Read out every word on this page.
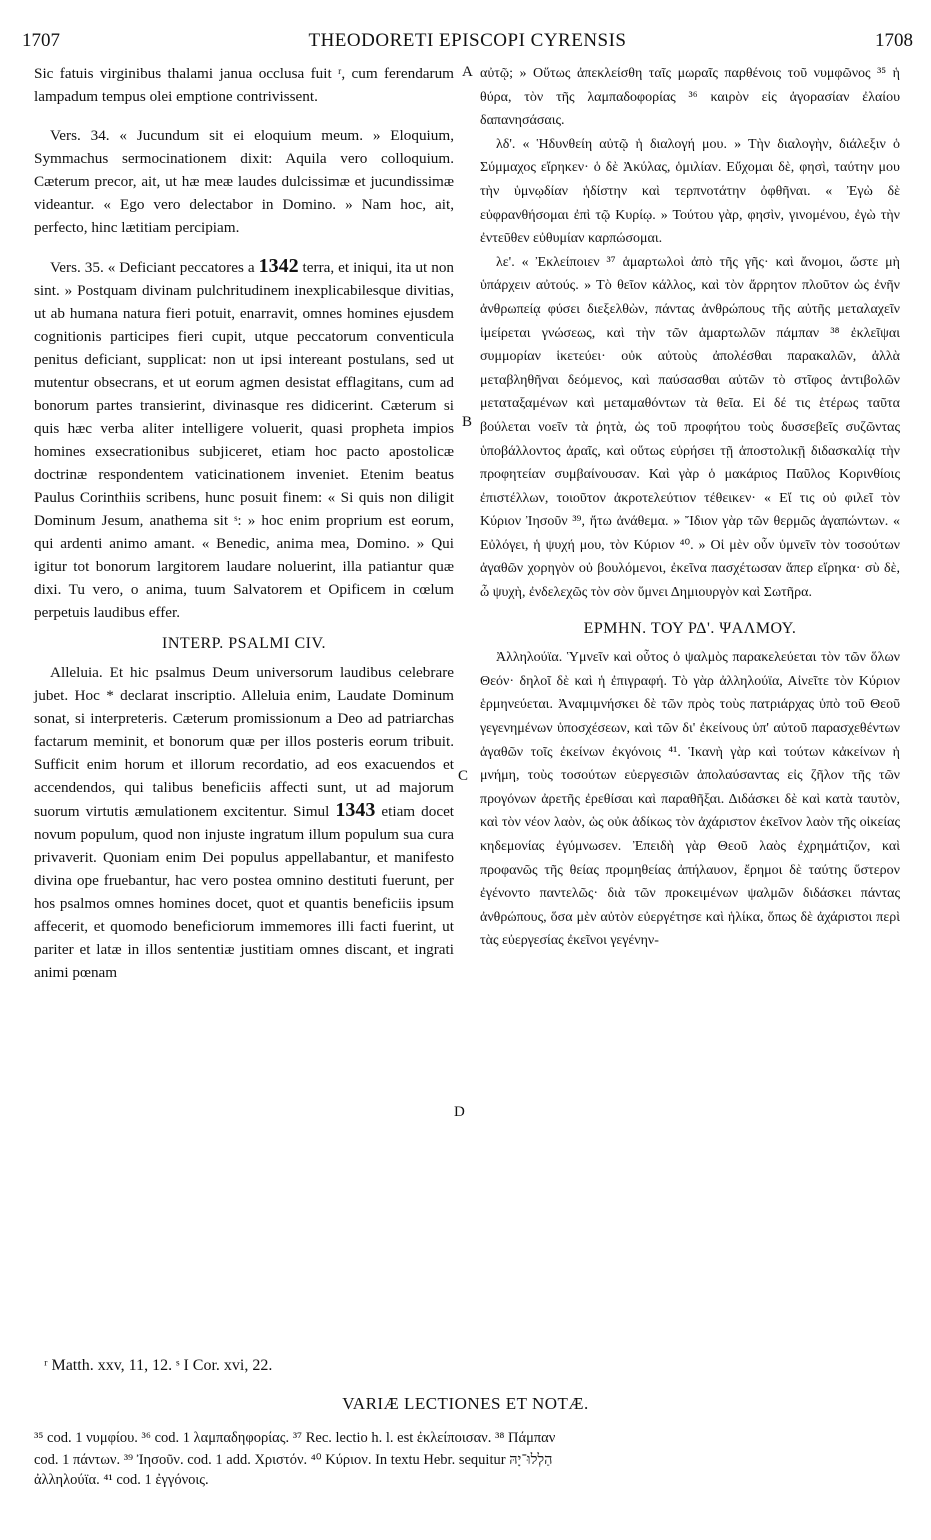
1707	THEODORETI EPISCOPI CYRENSIS	1708
A
B
C
D

Sic fatuis virginibus thalami janua occlusa fuit ʳ, cum ferendarum lampadum tempus olei emptione contrivissent.

Vers. 34. « Jucundum sit ei eloquium meum. » Eloquium, Symmachus sermocinationem dixit: Aquila vero colloquium. Cæterum precor, ait, ut hæ meæ laudes dulcissimæ et jucundissimæ videantur. « Ego vero delectabor in Domino. » Nam hoc, ait, perfecto, hinc lætitiam percipiam.

Vers. 35. « Deficiant peccatores a 1342 terra, et iniqui, ita ut non sint. » Postquam divinam pulchritudinem inexplicabilesque divitias, ut ab humana natura fieri potuit, enarravit, omnes homines ejusdem cognitionis participes fieri cupit, utque peccatorum conventicula penitus deficiant, supplicat: non ut ipsi intereant postulans, sed ut mutentur obsecrans, et ut eorum agmen desistat efflagitans, cum ad bonorum partes transierint, divinasque res didicerint. Cæterum si quis hæc verba aliter intelligere voluerit, quasi propheta impios homines exsecrationibus subjiceret, etiam hoc pacto apostolicæ doctrinæ respondentem vaticinationem inveniet. Etenim beatus Paulus Corinthiis scribens, hunc posuit finem: « Si quis non diligit Dominum Jesum, anathema sit ˢ: » hoc enim proprium est eorum, qui ardenti animo amant. « Benedic, anima mea, Domino. » Qui igitur tot bonorum largitorem laudare noluerint, illa patiantur quæ dixi. Tu vero, o anima, tuum Salvatorem et Opificem in cœlum perpetuis laudibus effer.

INTERP. PSALMI CIV.

Alleluia. Et hic psalmus Deum universorum laudibus celebrare jubet. Hoc * declarat inscriptio. Alleluia enim, Laudate Dominum sonat, si interpreteris. Cæterum promissionum a Deo ad patriarchas factarum meminit, et bonorum quæ per illos posteris eorum tribuit. Sufficit enim horum et illorum recordatio, ad eos exacuendos et accendendos, qui talibus beneficiis affecti sunt, ut ad majorum suorum virtutis æmulationem excitentur. Simul 1343 etiam docet novum populum, quod non injuste ingratum illum populum sua cura privaverit. Quoniam enim Dei populus appellabantur, et manifesto divina ope fruebantur, hac vero postea omnino destituti fuerunt, per hos psalmos omnes homines docet, quot et quantis beneficiis ipsum affecerit, et quomodo beneficiorum immemores illi facti fuerint, ut pariter et latæ in illos sententiæ justitiam omnes discant, et ingrati animi pœnam

αὐτῷ; » Οὕτως ἀπεκλείσθη ταῖς μωραῖς παρθένοις τοῦ νυμφῶνος ³⁵ ἡ θύρα, τὸν τῆς λαμπαδοφορίας ³⁶ καιρὸν εἰς ἀγορασίαν ἐλαίου δαπανησάσαις.

λδ'. « Ἡδυνθείη αὐτῷ ἡ διαλογή μου. » Τὴν διαλογὴν, διάλεξιν ὁ Σύμμαχος εἴρηκεν· ὁ δὲ Ἀκύλας, ὁμιλίαν. Εὔχομαι δὲ, φησὶ, ταύτην μου τὴν ὑμνῳδίαν ἡδίστην καὶ τερπνοτάτην ὀφθῆναι. « Ἐγὼ δὲ εὐφρανθήσομαι ἐπὶ τῷ Κυρίῳ. » Τούτου γὰρ, φησὶν, γινομένου, ἐγὼ τὴν ἐντεῦθεν εὐθυμίαν καρπώσομαι.

λε'. « Ἐκλείποιεν ³⁷ ἁμαρτωλοὶ ἀπὸ τῆς γῆς· καὶ ἄνομοι, ὥστε μὴ ὑπάρχειν αὐτούς. » Τὸ θεῖον κάλλος, καὶ τὸν ἄρρητον πλοῦτον ὡς ἐνῆν ἀνθρωπείᾳ φύσει διεξελθὼν, πάντας ἀνθρώπους τῆς αὐτῆς μεταλαχεῖν ἱμείρεται γνώσεως, καὶ τὴν τῶν ἁμαρτωλῶν πάμπαν ³⁸ ἐκλεῖψαι συμμορίαν ἱκετεύει· οὐκ αὐτοὺς ἀπολέσθαι παρακαλῶν, ἀλλὰ μεταβληθῆναι δεόμενος, καὶ παύσασθαι αὐτῶν τὸ στῖφος ἀντιβολῶν μεταταξαμένων καὶ μεταμαθόντων τὰ θεῖα. Εἰ δέ τις ἑτέρως ταῦτα βούλεται νοεῖν τὰ ῥητὰ, ὡς τοῦ προφήτου τοὺς δυσσεβεῖς συζῶντας ὑποβάλλοντος ἀραῖς, καὶ οὕτως εὑρήσει τῇ ἀποστολικῇ διδασκαλίᾳ τὴν προφητείαν συμβαίνουσαν. Καὶ γὰρ ὁ μακάριος Παῦλος Κορινθίοις ἐπιστέλλων, τοιοῦτον ἀκροτελεύτιον τέθεικεν· « Εἴ τις οὐ φιλεῖ τὸν Κύριον Ἰησοῦν ³⁹, ἤτω ἀνάθεμα. » Ἴδιον γὰρ τῶν θερμῶς ἀγαπώντων. « Εὐλόγει, ἡ ψυχή μου, τὸν Κύριον ⁴⁰. » Οἱ μὲν οὖν ὑμνεῖν τὸν τοσούτων ἀγαθῶν χορηγὸν οὐ βουλόμενοι, ἐκεῖνα πασχέτωσαν ἅπερ εἴρηκα· σὺ δὲ, ὦ ψυχὴ, ἐνδελεχῶς τὸν σὸν ὕμνει Δημιουργὸν καὶ Σωτῆρα.

ΕΡΜΗΝ. ΤΟΥ ΡΔ'. ΨΑΛΜΟΥ.

Ἀλληλούϊα. Ὑμνεῖν καὶ οὗτος ὁ ψαλμὸς παρακελεύεται τὸν τῶν ὅλων Θεόν· δηλοῖ δὲ καὶ ἡ ἐπιγραφή. Τὸ γὰρ ἀλληλούϊα, Αἰνεῖτε τὸν Κύριον ἑρμηνεύεται. Ἀναμιμνήσκει δὲ τῶν πρὸς τοὺς πατριάρχας ὑπὸ τοῦ Θεοῦ γεγενημένων ὑποσχέσεων, καὶ τῶν δι' ἐκείνους ὑπ' αὐτοῦ παρασχεθέντων ἀγαθῶν τοῖς ἐκείνων ἐκγόνοις ⁴¹. Ἱκανὴ γὰρ καὶ τούτων κἀκείνων ἡ μνήμη, τοὺς τοσούτων εὐεργεσιῶν ἀπολαύσαντας εἰς ζῆλον τῆς τῶν προγόνων ἀρετῆς ἐρεθίσαι καὶ παραθῆξαι. Διδάσκει δὲ καὶ κατὰ ταυτὸν, καὶ τὸν νέον λαὸν, ὡς οὐκ ἀδίκως τὸν ἀχάριστον ἐκεῖνον λαὸν τῆς οἰκείας κηδεμονίας ἐγύμνωσεν. Ἐπειδὴ γὰρ Θεοῦ λαὸς ἐχρημάτιζον, καὶ προφανῶς τῆς θείας προμηθείας ἀπήλαυον, ἔρημοι δὲ ταύτης ὕστερον ἐγένοντο παντελῶς· διὰ τῶν προκειμένων ψαλμῶν διδάσκει πάντας ἀνθρώπους, ὅσα μὲν αὐτὸν εὐεργέτησε καὶ ἡλίκα, ὅπως δὲ ἀχάριστοι περὶ τὰς εὐεργεσίας ἐκεῖνοι γεγένην-

ʳ Matth. xxv, 11, 12. ˢ I Cor. xvi, 22.
VARIÆ LECTIONES ET NOTÆ.
³⁵ cod. 1 νυμφίου. ³⁶ cod. 1 λαμπαδηφορίας. ³⁷ Rec. lectio h. l. est ἐκλείποισαν. ³⁸ Πάμπαν
cod. 1 πάντων. ³⁹ Ἰησοῦν. cod. 1 add. Χριστόν. ⁴⁰ Κύριον. In textu Hebr. sequitur הַלְלוּ־יָהּ
ἀλληλούϊα. ⁴¹ cod. 1 ἐγγόνοις.
